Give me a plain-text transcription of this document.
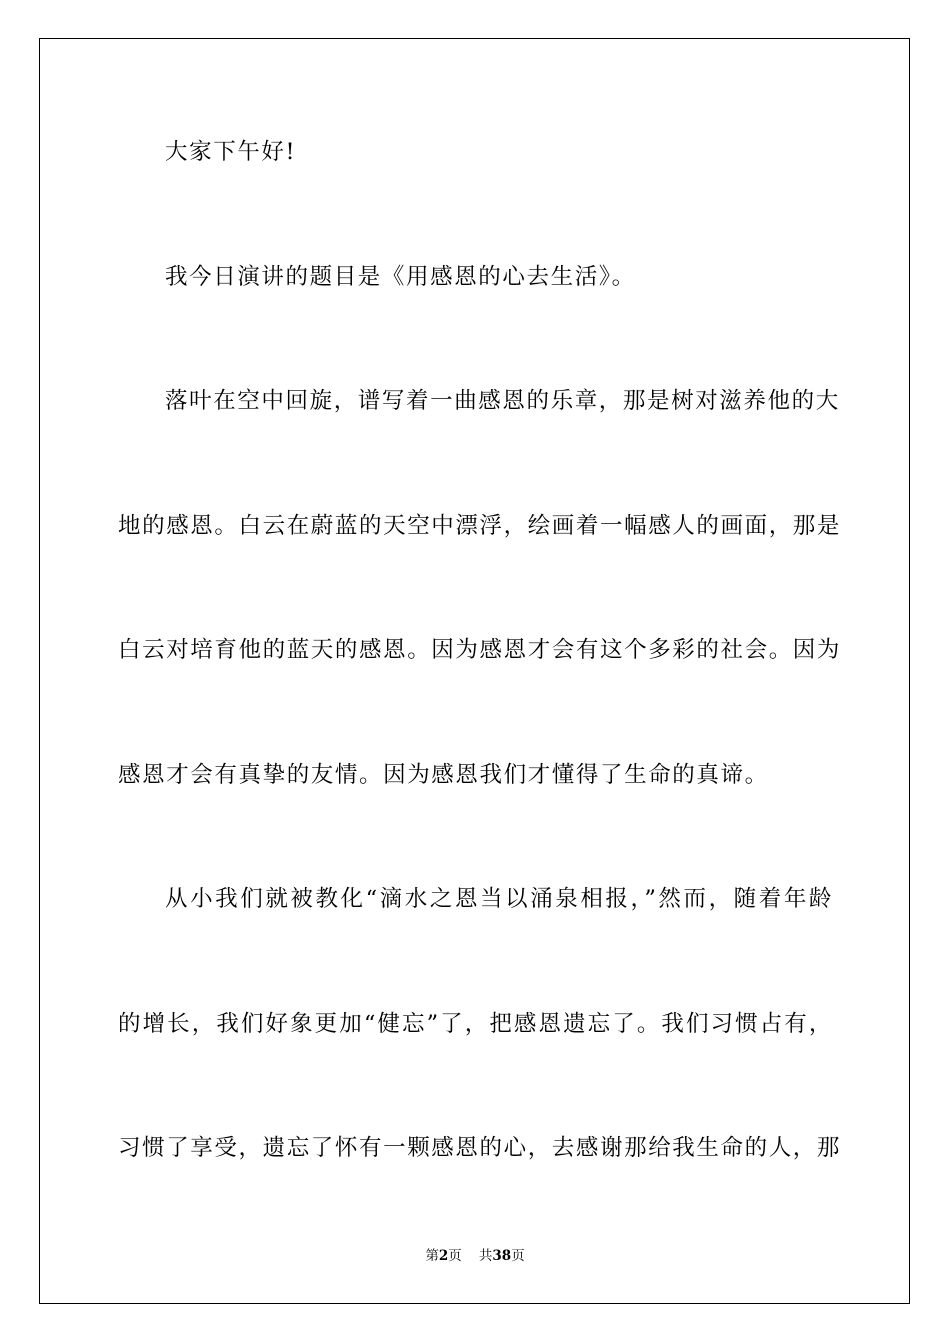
大家下午好!
我今日演讲的题目是《用感恩的心去生活》。
落叶在空中回旋，谱写着一曲感恩的乐章，那是树对滋养他的大
地的感恩。白云在蔚蓝的天空中漂浮，绘画着一幅感人的画面，那是
白云对培育他的蓝天的感恩。因为感恩才会有这个多彩的社会。因为
感恩才会有真挚的友情。因为感恩我们才懂得了生命的真谛。
从小我们就被教化“滴水之恩当以涌泉相报，”然而，随着年龄
的增长，我们好象更加“健忘”了，把感恩遗忘了。我们习惯占有，
习惯了享受，遗忘了怀有一颗感恩的心，去感谢那给我生命的人，那
第2页 共38页
